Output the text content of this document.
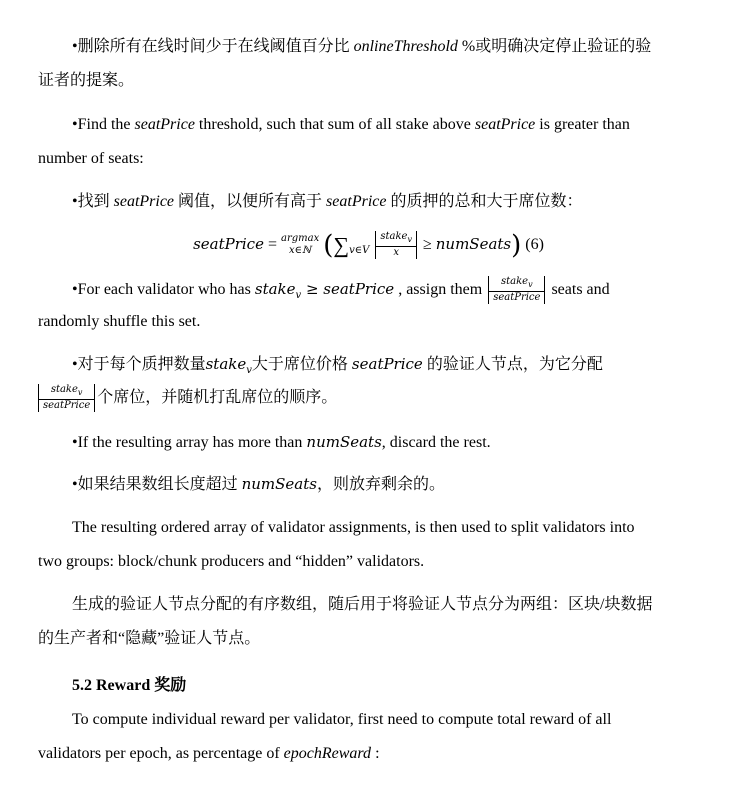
•删除所有在线时间少于在线阈值百分比 onlineThreshold %或明确决定停止验证的验
证者的提案。
•Find the seatPrice threshold, such that sum of all stake above seatPrice is greater than
number of seats:
•找到 seatPrice 阈值，以便所有高于 seatPrice 的质押的总和大于席位数：
seatPrice = argmax
x∈ℕ ($\sum_{v\in V} \frac{stake_v}{x}$ ≥ numSeats) (6)
•For each validator who has stake$_v$ ≥ seatPrice , assign them $\frac{stake_v}{\text{seatPrice}}$ seats and
randomly shuffle this set.
•对于每个质押数量stake$_v$大于席位价格 seatPrice 的验证人节点，为它分配
$\frac{stake_v}{\text{seatPrice}}$ 个席位，并随机打乱席位的顺序。
•If the resulting array has more than numSeats, discard the rest.
•如果结果数组长度超过 numSeats，则放弃剩余的。
The resulting ordered array of validator assignments, is then used to split validators into
two groups: block/chunk producers and “hidden” validators.
生成的验证人节点分配的有序数组，随后用于将验证人节点分为两组：区块/块数据
的生产者和“隐藏”验证人节点。
5.2 Reward 奖励
To compute individual reward per validator, first need to compute total reward of all
validators per epoch, as percentage of epochReward :
